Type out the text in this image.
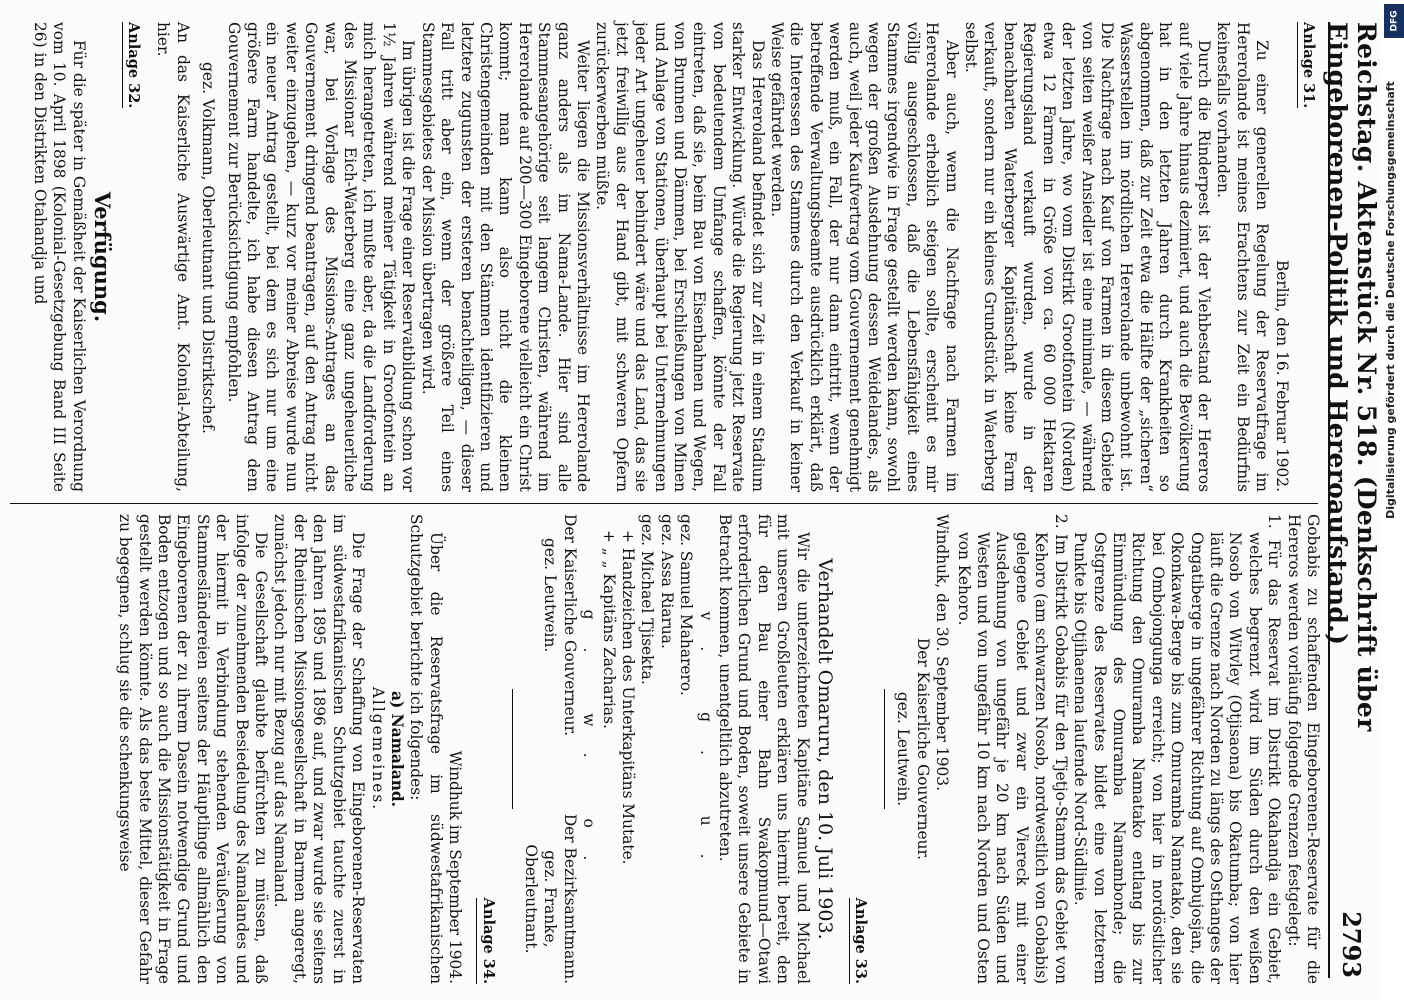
Reichstag. Aktenstück Nr. 518. (Denkschrift über Eingeborenen-Politik und Hereroaufstand.)
2793
Anlage 31.

Berlin, den 16. Februar 1902.

Zu einer generellen Regelung der Reservatfrage im Hererolande ist meines Erachtens zur Zeit ein Bedürfnis keinesfalls vorhanden.

Durch die Rinderpest ist der Viehbestand der Hereros auf viele Jahre hinaus dezimiert, und auch die Bevölkerung hat in den letzten Jahren durch Krankheiten so abgenommen, daß zur Zeit etwa die Hälfte der „sicheren“ Wasserstellen im nördlichen Hererolande unbewohnt ist. Die Nachfrage nach Kauf von Farmen in diesem Gebiete von seiten weißer Ansiedler ist eine minimale, — während der letzten Jahre, wo vom Distrikt Grootfontein (Norden) etwa 12 Farmen in Größe von ca. 60 000 Hektaren Regierungsland verkauft wurden, wurde in der benachbarten Waterberger Kapitänschaft keine Farm verkauft, sondern nur ein kleines Grundstück in Waterberg selbst.

Aber auch, wenn die Nachfrage nach Farmen im Hererolande erheblich steigen sollte, erscheint es mir völlig ausgeschlossen, daß die Lebensfähigkeit eines Stammes irgendwie in Frage gestellt werden kann, sowohl wegen der großen Ausdehnung dessen Weidelandes, als auch, weil jeder Kaufvertrag vom Gouvernement genehmigt werden muß, ein Fall, der nur dann eintritt, wenn der betreffende Verwaltungsbeamte ausdrücklich erklärt, daß die Interessen des Stammes durch den Verkauf in keiner Weise gefährdet werden.

Das Hereroland befindet sich zur Zeit in einem Stadium starker Entwicklung. Würde die Regierung jetzt Reservate von bedeutendem Umfange schaffen, könnte der Fall eintreten, daß sie, beim Bau von Eisenbahnen und Wegen, von Brunnen und Dämmen, bei Erschließungen von Minen und Anlage von Stationen, überhaupt bei Unternehmungen jeder Art ungeheuer behindert wäre und das Land, das sie jetzt freiwillig aus der Hand gibt, mit schweren Opfern zurückerwerben müßte.

Weiter liegen die Missionsverhältnisse im Hererolande ganz anders als im Nama-Lande. Hier sind alle Stammesangehörige seit langem Christen, während im Hererolande auf 200—300 Eingeborene vielleicht ein Christ kommt; man kann also nicht die kleinen Christengemeinden mit den Stämmen identifizieren und letztere zugunsten der ersteren benachteiligen, — dieser Fall tritt aber ein, wenn der größere Teil eines Stammesgebietes der Mission übertragen wird.

Im übrigen ist die Frage einer Reservatbildung schon vor 1½ Jahren während meiner Tätigkeit in Grootfontein an mich herangetreten, ich mußte aber, da die Landforderung des Missionar Eich-Waterberg eine ganz ungeheuerliche war, bei Vorlage des Missions-Antrages an das Gouvernement dringend beantragen, auf den Antrag nicht weiter einzugehen, — kurz vor meiner Abreise wurde nun ein neuer Antrag gestellt, bei dem es sich nur um eine größere Farm handelte, ich habe diesen Antrag dem Gouvernement zur Berücksichtigung empfohlen.

gez. Volkmann, Oberleutnant und Distriktschef.

An das Kaiserliche Auswärtige Amt. Kolonial-Abteilung, hier.

Anlage 32.

Verfügung.

Für die später in Gemäßheit der Kaiserlichen Verordnung vom 10. April 1898 (Kolonial-Gesetzgebung Band III Seite 26) in den Distrikten Otahandja und

Gobabis zu schaffenden Eingeborenen-Reservate für die Hereros werden vorläufig folgende Grenzen festgelegt:

1. Für das Reservat im Distrikt Okahandja ein Gebiet, welches begrenzt wird im Süden durch den weißen Nosob von Witvley (Otjisaona) bis Okatumba; von hier läuft die Grenze nach Norden zu längs des Osthanges der Ongatiberge in ungefährer Richtung auf Ombujosjan, die Okonkawa-Berge bis zum Omuramba Namatako, den sie bei Ombojongunga erreicht; von hier in nordöstlicher Richtung den Omuramba Namatako entlang bis zur Einmündung des Omuramba Namambonde; die Ostgrenze des Reservates bildet eine von letzterem Punkte bis Otjihaenena laufende Nord-Südlinie.

2. Im Distrikt Gobabis für den Tjetjo-Stamm das Gebiet von Kehoro (am schwarzen Nosob, nordwestlich von Gobabis) gelegene Gebiet und zwar ein Viereck mit einer Ausdehnung von ungefähr je 20 km nach Süden und Westen und von ungefähr 10 km nach Norden und Osten von Kehoro.

Windhuk, den 30. September 1903.

Der Kaiserliche Gouverneur.

gez. Leutwein.

Anlage 33.

Verhandelt Omaruru, den 10. Juli 1903.

Wir die unterzeichneten Kapitäne Samuel und Michael mit unseren Großleuten erklären uns hiermit bereit, den für den Bau einer Bahn Swakopmund—Otawi erforderlichen Grund und Boden, soweit unsere Gebiete in Betracht kommen, unentgeltlich abzutreten.

v. g. u.

gez. Samuel Maharero.

gez. Assa Riarua.

gez. Michael Tjisekta.

+ Handzeichen des Unterkapitäns Mutate.

+ „ „ Kapitäns Zacharias.

g. w. o.

Der Kaiserliche Gouverneur.
gez. Leutwein.
Der Bezirksamtmann.
gez. Franke,
Oberleutnant.
Anlage 34.

Windhuk im September 1904.

Über die Reservatsfrage im südwestafrikanischen Schutzgebiet berichte ich folgendes:

a) Namaland.

Allgemeines.

Die Frage der Schaffung von Eingeborenen-Reservaten im südwestafrikanischen Schutzgebiet tauchte zuerst in den Jahren 1895 und 1896 auf, und zwar wurde sie seitens der Rheinischen Missionsgesellschaft in Barmen angeregt, zunächst jedoch nur mit Bezug auf das Namaland.

Die Gesellschaft glaubte befürchten zu müssen, daß infolge der zunehmenden Besiedelung des Namalandes und der hiermit in Verbindung stehenden Veräußerung von Stammesländereien seitens der Häuptlinge allmählich den Eingeborenen der zu ihrem Dasein notwendige Grund und Boden entzogen und so auch die Missionstätigkeit in Frage gestellt werden könnte. Als das beste Mittel, dieser Gefahr zu begegnen, schlug sie die schenkungsweise

Digitalisierung gefördert durch die Deutsche Forschungsgemeinschaft
DFG
